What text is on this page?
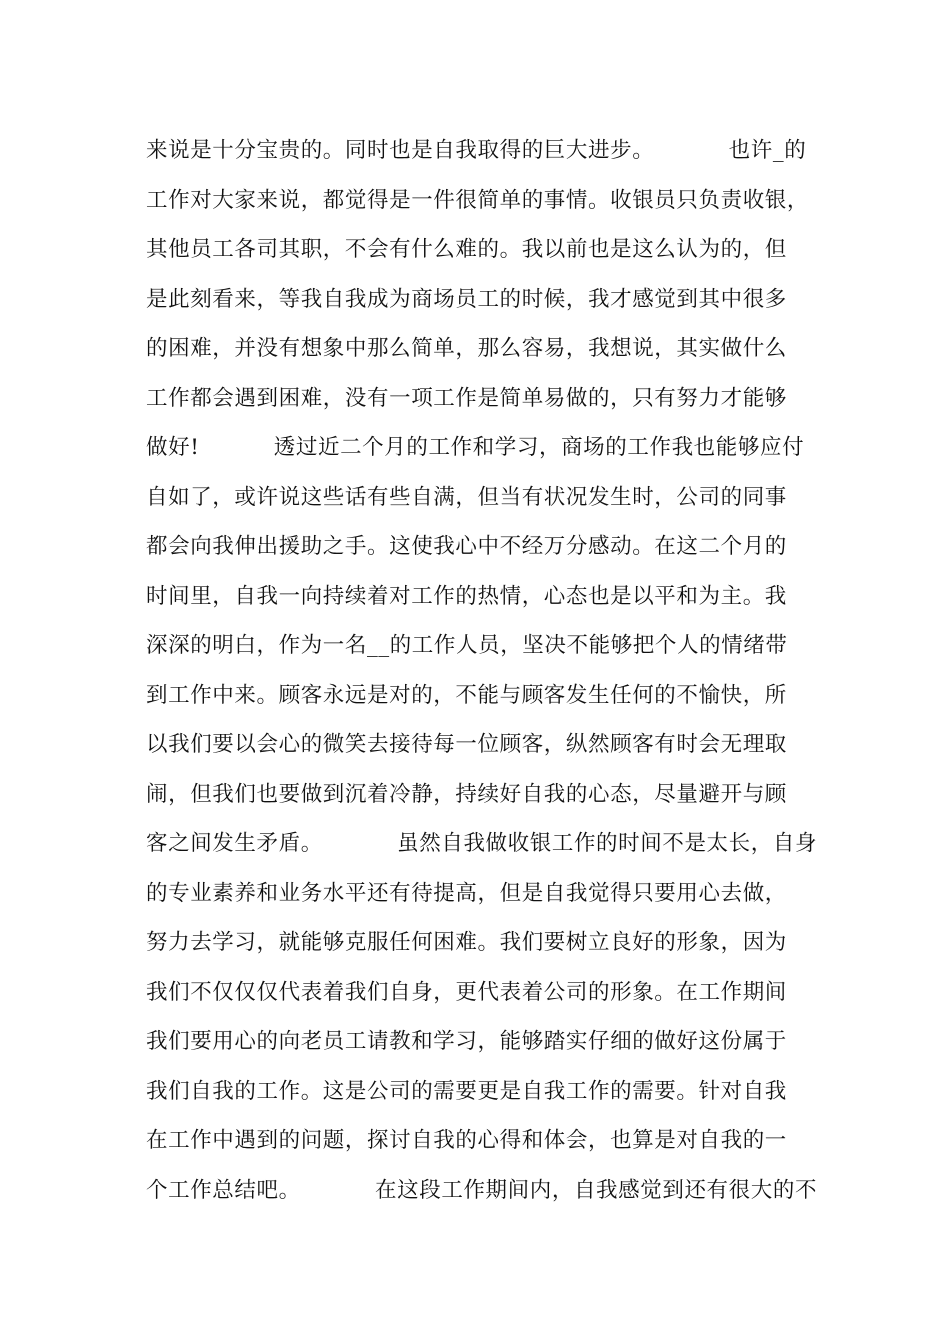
来说是十分宝贵的。同时也是自我取得的巨大进步。          也许_的
工作对大家来说，都觉得是一件很简单的事情。收银员只负责收银，
其他员工各司其职，不会有什么难的。我以前也是这么认为的，但
是此刻看来，等我自我成为商场员工的时候，我才感觉到其中很多
的困难，并没有想象中那么简单，那么容易，我想说，其实做什么
工作都会遇到困难，没有一项工作是简单易做的，只有努力才能够
做好!          透过近二个月的工作和学习，商场的工作我也能够应付
自如了，或许说这些话有些自满，但当有状况发生时，公司的同事
都会向我伸出援助之手。这使我心中不经万分感动。在这二个月的
时间里，自我一向持续着对工作的热情，心态也是以平和为主。我
深深的明白，作为一名__的工作人员，坚决不能够把个人的情绪带
到工作中来。顾客永远是对的，不能与顾客发生任何的不愉快，所
以我们要以会心的微笑去接待每一位顾客，纵然顾客有时会无理取
闹，但我们也要做到沉着冷静，持续好自我的心态，尽量避开与顾
客之间发生矛盾。          虽然自我做收银工作的时间不是太长，自身
的专业素养和业务水平还有待提高，但是自我觉得只要用心去做，
努力去学习，就能够克服任何困难。我们要树立良好的形象，因为
我们不仅仅仅代表着我们自身，更代表着公司的形象。在工作期间
我们要用心的向老员工请教和学习，能够踏实仔细的做好这份属于
我们自我的工作。这是公司的需要更是自我工作的需要。针对自我
在工作中遇到的问题，探讨自我的心得和体会，也算是对自我的一
个工作总结吧。          在这段工作期间内，自我感觉到还有很大的不
